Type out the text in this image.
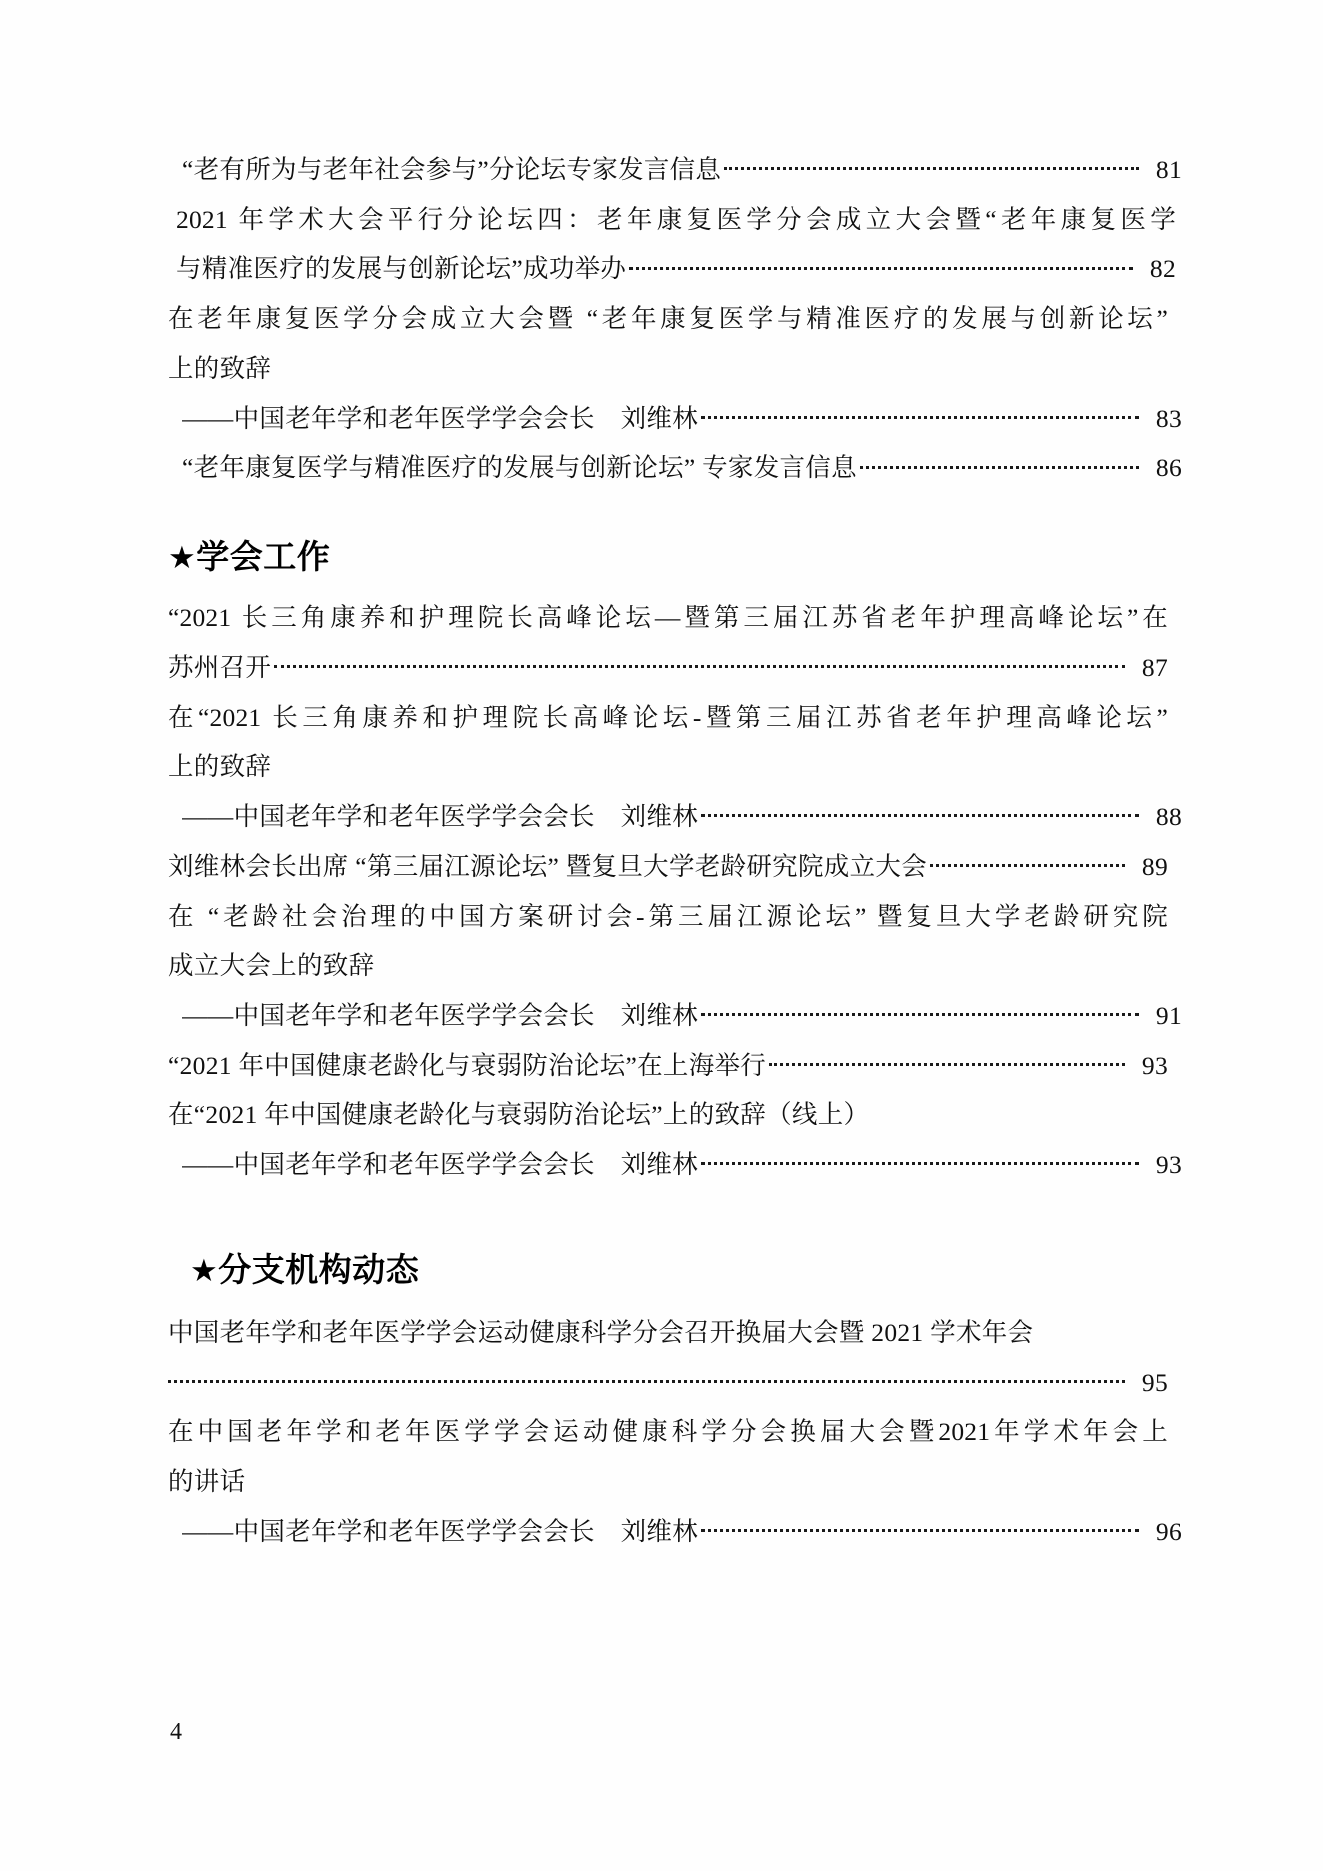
“老有所为与老年社会参与”分论坛专家发言信息	81
2021 年学术大会平行分论坛四：老年康复医学分会成立大会暨“老年康复医学
与精准医疗的发展与创新论坛”成功举办	82
在老年康复医学分会成立大会暨 “老年康复医学与精准医疗的发展与创新论坛”
上的致辞
——中国老年学和老年医学学会会长　刘维林	83
“老年康复医学与精准医疗的发展与创新论坛” 专家发言信息	86
★学会工作
“2021 长三角康养和护理院长高峰论坛—暨第三届江苏省老年护理高峰论坛”在
苏州召开	87
在“2021 长三角康养和护理院长高峰论坛-暨第三届江苏省老年护理高峰论坛”
上的致辞
——中国老年学和老年医学学会会长　刘维林	88
刘维林会长出席 “第三届江源论坛” 暨复旦大学老龄研究院成立大会	89
在 “老龄社会治理的中国方案研讨会-第三届江源论坛” 暨复旦大学老龄研究院
成立大会上的致辞
——中国老年学和老年医学学会会长　刘维林	91
“2021 年中国健康老龄化与衰弱防治论坛”在上海举行	93
在“2021 年中国健康老龄化与衰弱防治论坛”上的致辞（线上）
——中国老年学和老年医学学会会长　刘维林	93
★分支机构动态
中国老年学和老年医学学会运动健康科学分会召开换届大会暨 2021 学术年会
95
在中国老年学和老年医学学会运动健康科学分会换届大会暨2021年学术年会上
的讲话
——中国老年学和老年医学学会会长　刘维林	96
4
